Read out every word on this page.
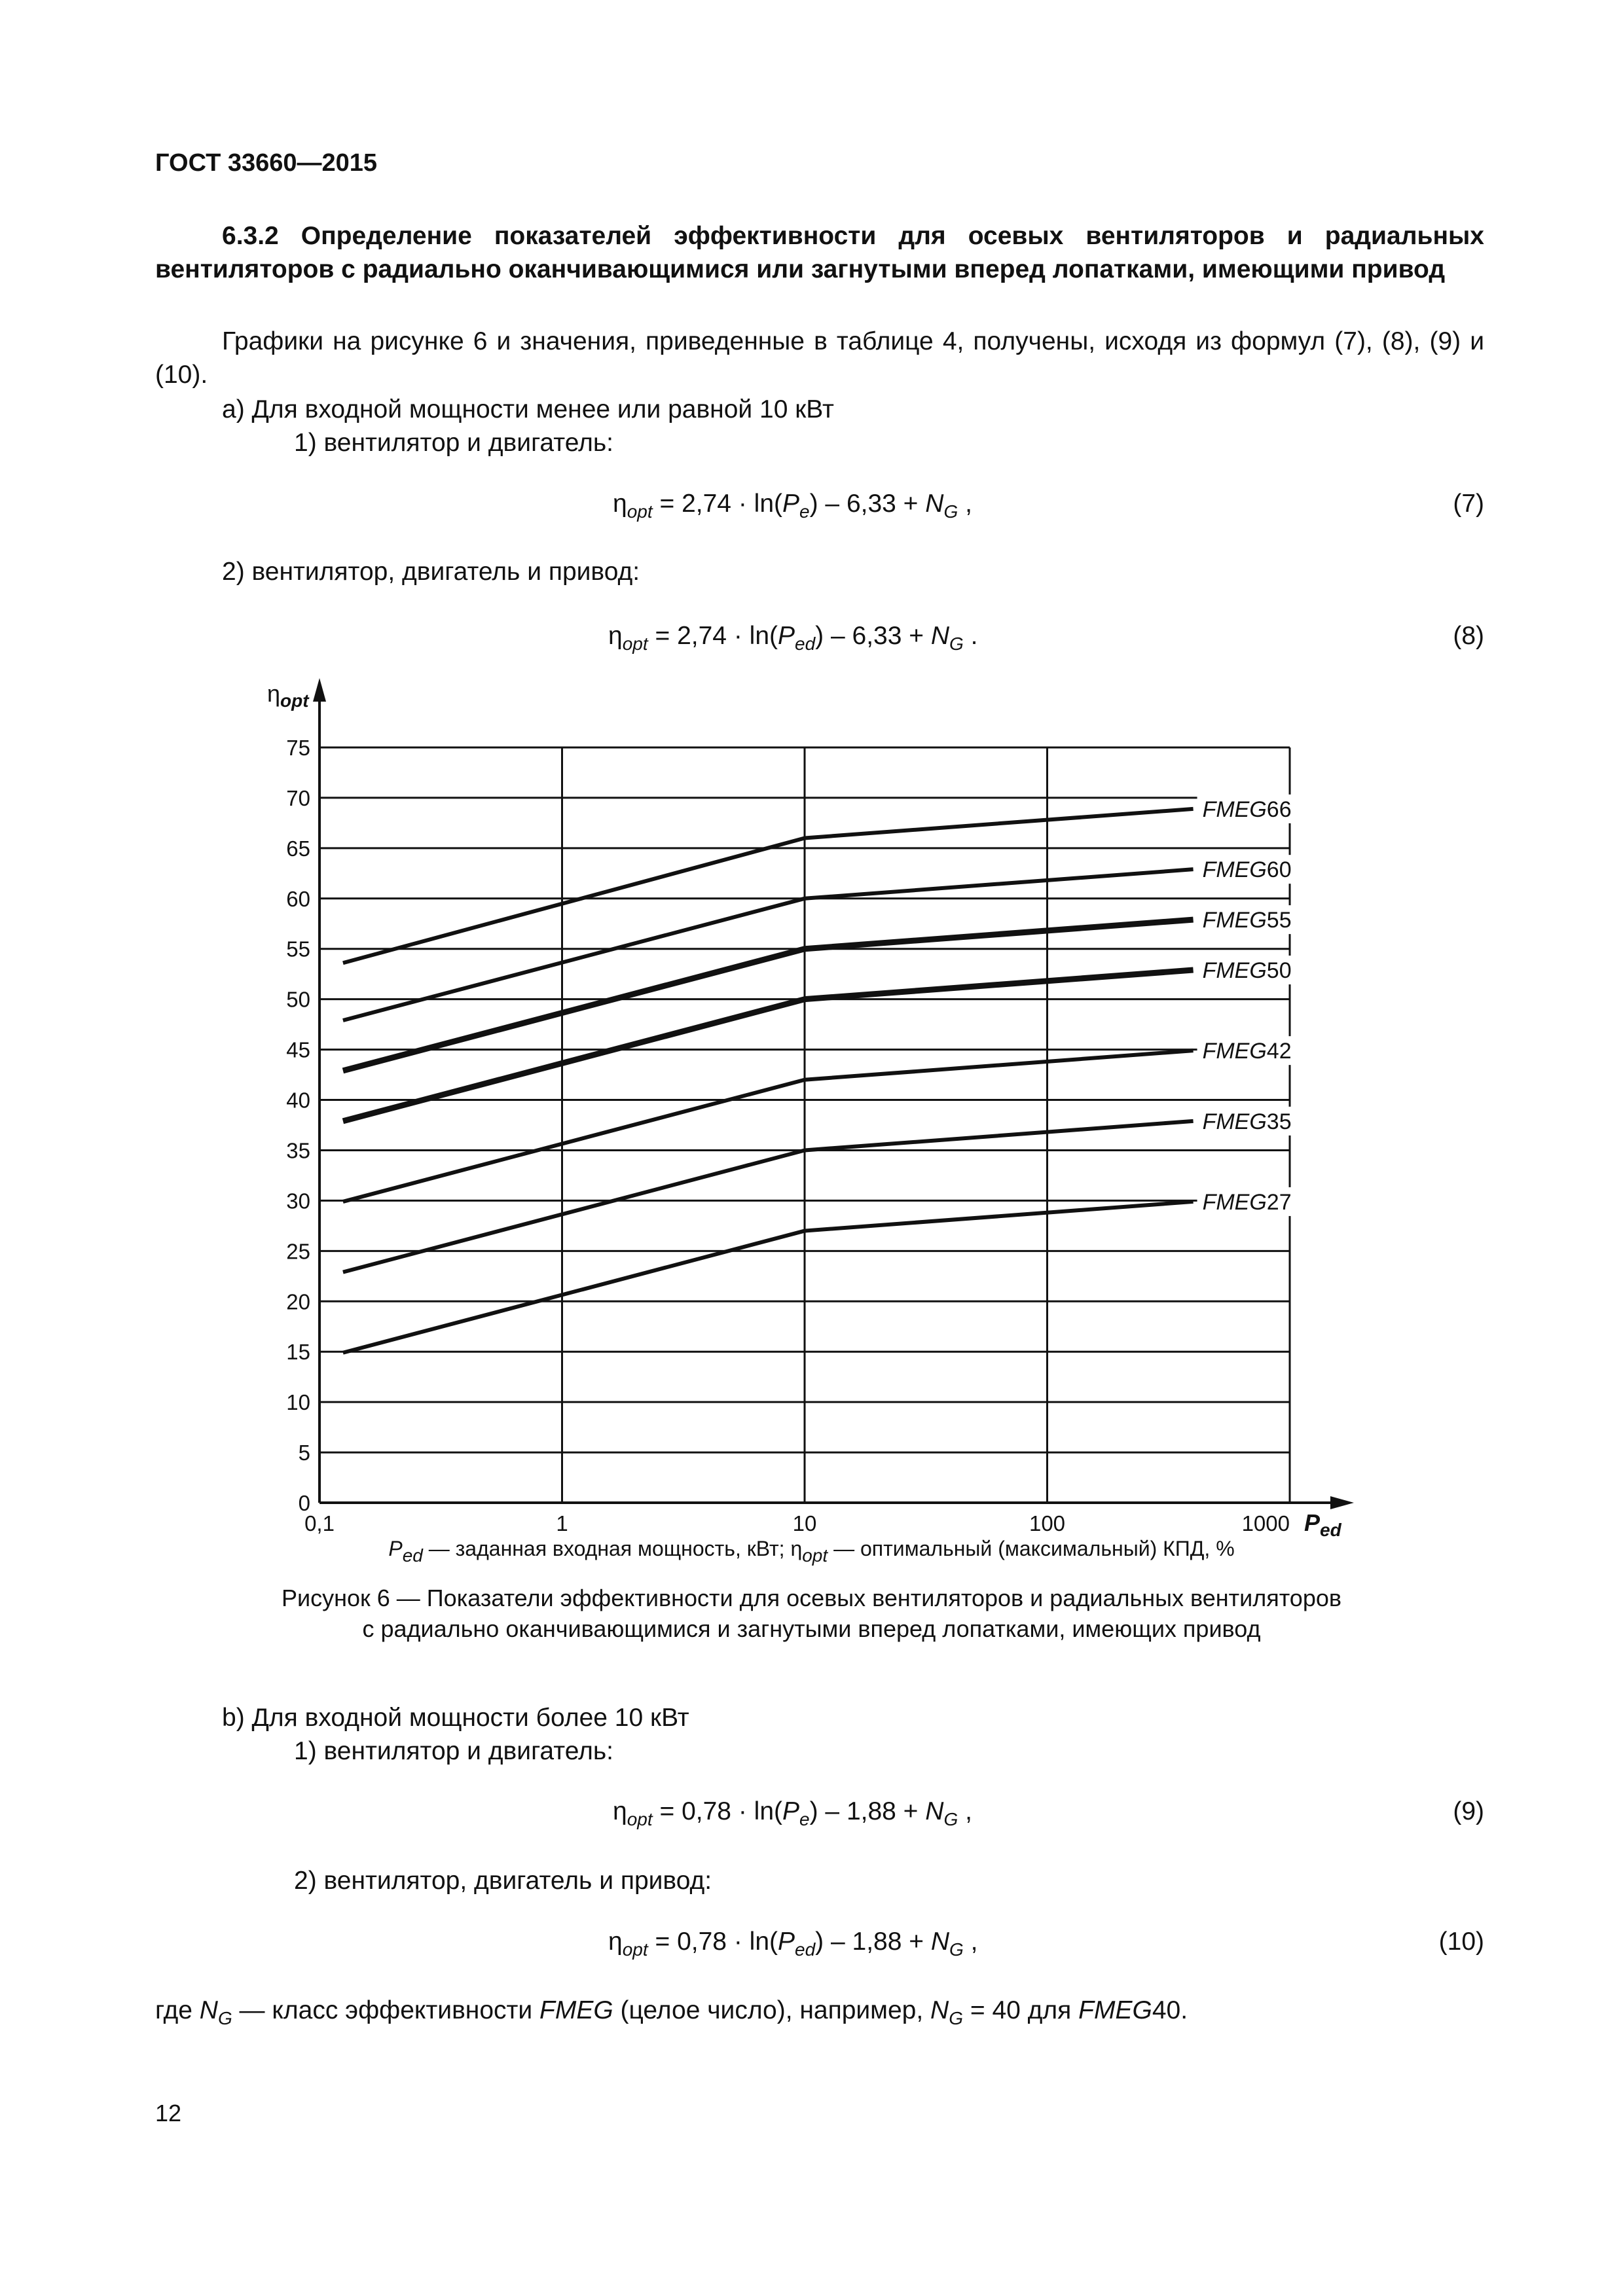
ГОСТ 33660—2015
6.3.2 Определение показателей эффективности для осевых вентиляторов и радиальных вентиляторов с радиально оканчивающимися или загнутыми вперед лопатками, имеющими привод
Графики на рисунке 6 и значения, приведенные в таблице 4, получены, исходя из формул (7), (8), (9) и (10).
а) Для входной мощности менее или равной 10 кВт
1) вентилятор и двигатель:
$\eta_{opt} = 2,74 \cdot \ln(P_e) - 6,33 + N_G$ ,	(7)
2) вентилятор, двигатель и привод:
$\eta_{opt} = 2,74 \cdot \ln(P_{ed}) - 6,33 + N_G$ .	(8)
0
5
10
15
20
25
30
35
40
45
50
55
60
65
70
75
0,1	1	10	100	1000
$\eta_{opt}$
$P_{ed}$
FMEG66
FMEG60
FMEG55
FMEG50
FMEG42
FMEG35
FMEG27
$P_{ed}$ — заданная входная мощность, кВт; $\eta_{opt}$ — оптимальный (максимальный) КПД, %
Рисунок 6 — Показатели эффективности для осевых вентиляторов и радиальных вентиляторов
с радиально оканчивающимися и загнутыми вперед лопатками, имеющих привод
b) Для входной мощности более 10 кВт
1) вентилятор и двигатель:
$\eta_{opt} = 0,78 \cdot \ln(P_e) - 1,88 + N_G$ ,	(9)
2) вентилятор, двигатель и привод:
$\eta_{opt} = 0,78 \cdot \ln(P_{ed}) - 1,88 + N_G$ ,	(10)
где $N_G$ — класс эффективности FMEG (целое число), например, $N_G = 40$ для FMEG40.
12
